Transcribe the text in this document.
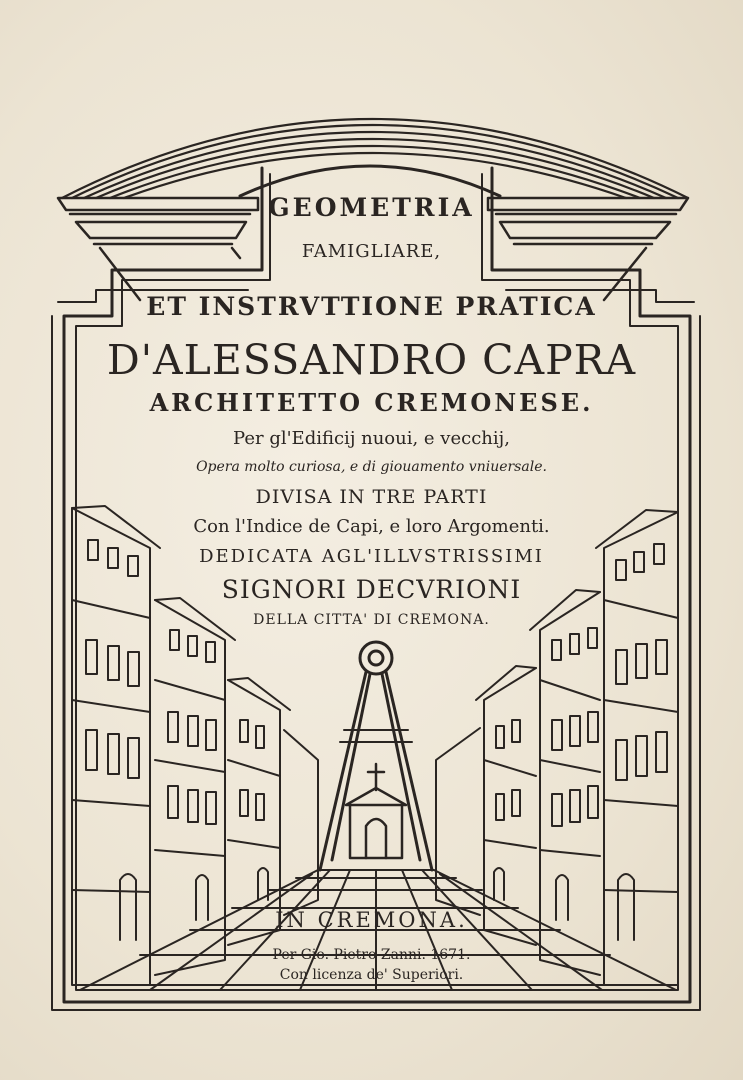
GEOMETRIA
FAMIGLIARE,
ET INSTRVTTIONE PRATICA
D'ALESSANDRO CAPRA
ARCHITETTO CREMONESE.
Per gl'Edificij nuoui, e vecchij,
Opera molto curiosa, e di giouamento vniuersale.
DIVISA IN TRE PARTI
Con l'Indice de Capi, e loro Argomenti.
DEDICATA AGL'ILLVSTRISSIMI
SIGNORI DECVRIONI
DELLA CITTA' DI CREMONA.
IN CREMONA.
Per Gio. Pietro Zanni. 1671.
Con licenza de' Superiori.
